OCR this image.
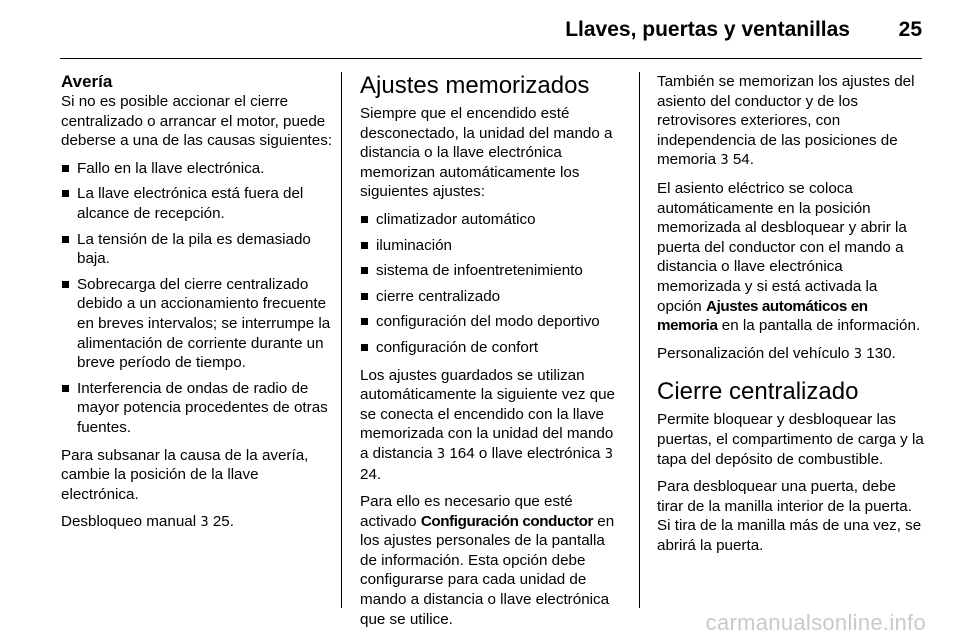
Llaves, puertas y ventanillas 25
Avería

Si no es posible accionar el cierre centralizado o arrancar el motor, puede deberse a una de las causas siguientes:

Fallo en la llave electrónica.
La llave electrónica está fuera del alcance de recepción.
La tensión de la pila es demasiado baja.
Sobrecarga del cierre centralizado debido a un accionamiento frecuente en breves intervalos; se interrumpe la alimentación de corriente durante un breve período de tiempo.
Interferencia de ondas de radio de mayor potencia procedentes de otras fuentes.

Para subsanar la causa de la avería, cambie la posición de la llave electrónica.

Desbloqueo manual 3 25.

Ajustes memorizados

Siempre que el encendido esté desconectado, la unidad del mando a distancia o la llave electrónica memorizan automáticamente los siguientes ajustes:

climatizador automático
iluminación
sistema de infoentretenimiento
cierre centralizado
configuración del modo deportivo
configuración de confort

Los ajustes guardados se utilizan automáticamente la siguiente vez que se conecta el encendido con la llave memorizada con la unidad del mando a distancia 3 164 o llave electrónica 3 24.

Para ello es necesario que esté activado Configuración conductor en los ajustes personales de la pantalla de información. Esta opción debe configurarse para cada unidad de mando a distancia o llave electrónica que se utilice.

También se memorizan los ajustes del asiento del conductor y de los retrovisores exteriores, con independencia de las posiciones de memoria 3 54.

El asiento eléctrico se coloca automáticamente en la posición memorizada al desbloquear y abrir la puerta del conductor con el mando a distancia o llave electrónica memorizada y si está activada la opción Ajustes automáticos en memoria en la pantalla de información.

Personalización del vehículo 3 130.

Cierre centralizado

Permite bloquear y desbloquear las puertas, el compartimento de carga y la tapa del depósito de combustible.

Para desbloquear una puerta, debe tirar de la manilla interior de la puerta. Si tira de la manilla más de una vez, se abrirá la puerta.

carmanualsonline.info
